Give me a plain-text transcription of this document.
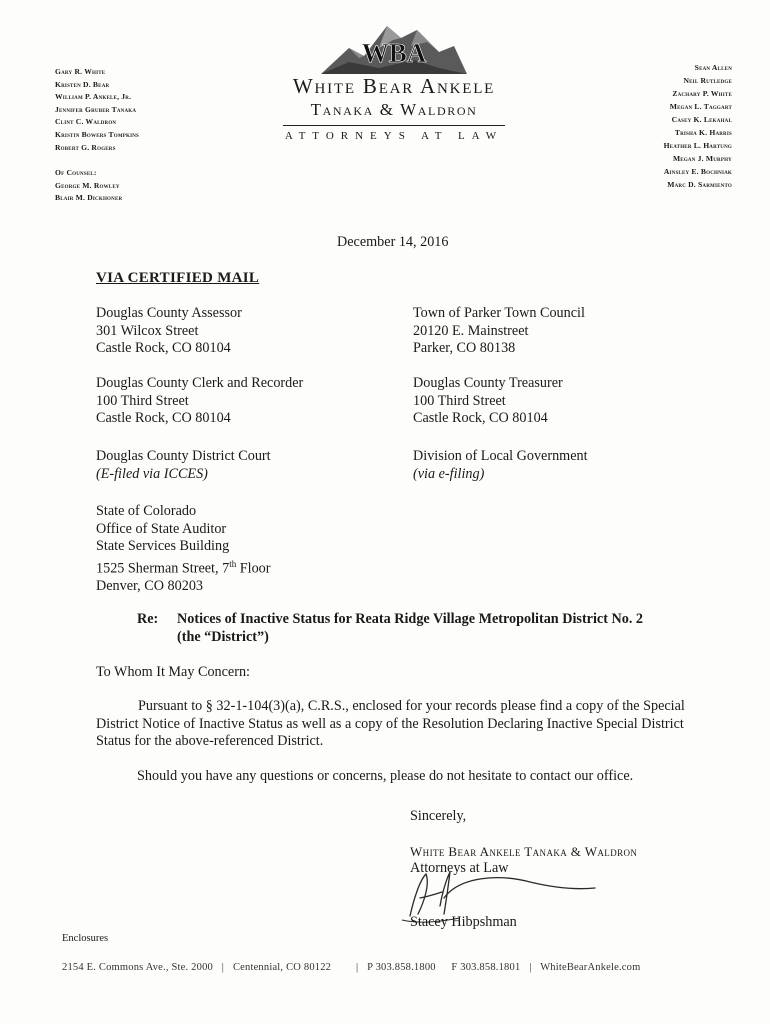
Gary R. White
Kristen D. Bear
William P. Ankele, Jr.
Jennifer Gruber Tanaka
Clint C. Waldron
Kristin Bowers Tompkins
Robert G. Rogers
Of Counsel:
George M. Rowley
Blair M. Dickhoner
WBA
White Bear Ankele
Tanaka & Waldron
ATTORNEYS AT LAW
Sean Allen
Neil Rutledge
Zachary P. White
Megan L. Taggart
Casey K. Lekahal
Trisha K. Harris
Heather L. Hartung
Megan J. Murphy
Ainsley E. Bochniak
Marc D. Sarmiento
December 14, 2016
VIA CERTIFIED MAIL
Douglas County Assessor
301 Wilcox Street
Castle Rock, CO 80104
Town of Parker Town Council
20120 E. Mainstreet
Parker, CO 80138
Douglas County Clerk and Recorder
100 Third Street
Castle Rock, CO 80104
Douglas County Treasurer
100 Third Street
Castle Rock, CO 80104
Douglas County District Court
(E-filed via ICCES)
Division of Local Government
(via e-filing)
State of Colorado
Office of State Auditor
State Services Building
1525 Sherman Street, 7th Floor
Denver, CO 80203
Re: Notices of Inactive Status for Reata Ridge Village Metropolitan District No. 2
(the “District”)
To Whom It May Concern:

Pursuant to § 32-1-104(3)(a), C.R.S., enclosed for your records please find a copy of the Special District Notice of Inactive Status as well as a copy of the Resolution Declaring Inactive Special District Status for the above-referenced District.

Should you have any questions or concerns, please do not hesitate to contact our office.
Sincerely,
White Bear Ankele Tanaka & Waldron
Attorneys at Law
Stacey Hibpshman
Enclosures
2154 E. Commons Ave., Ste. 2000 | Centennial, CO 80122 | P 303.858.1800 F 303.858.1801 | WhiteBearAnkele.com
